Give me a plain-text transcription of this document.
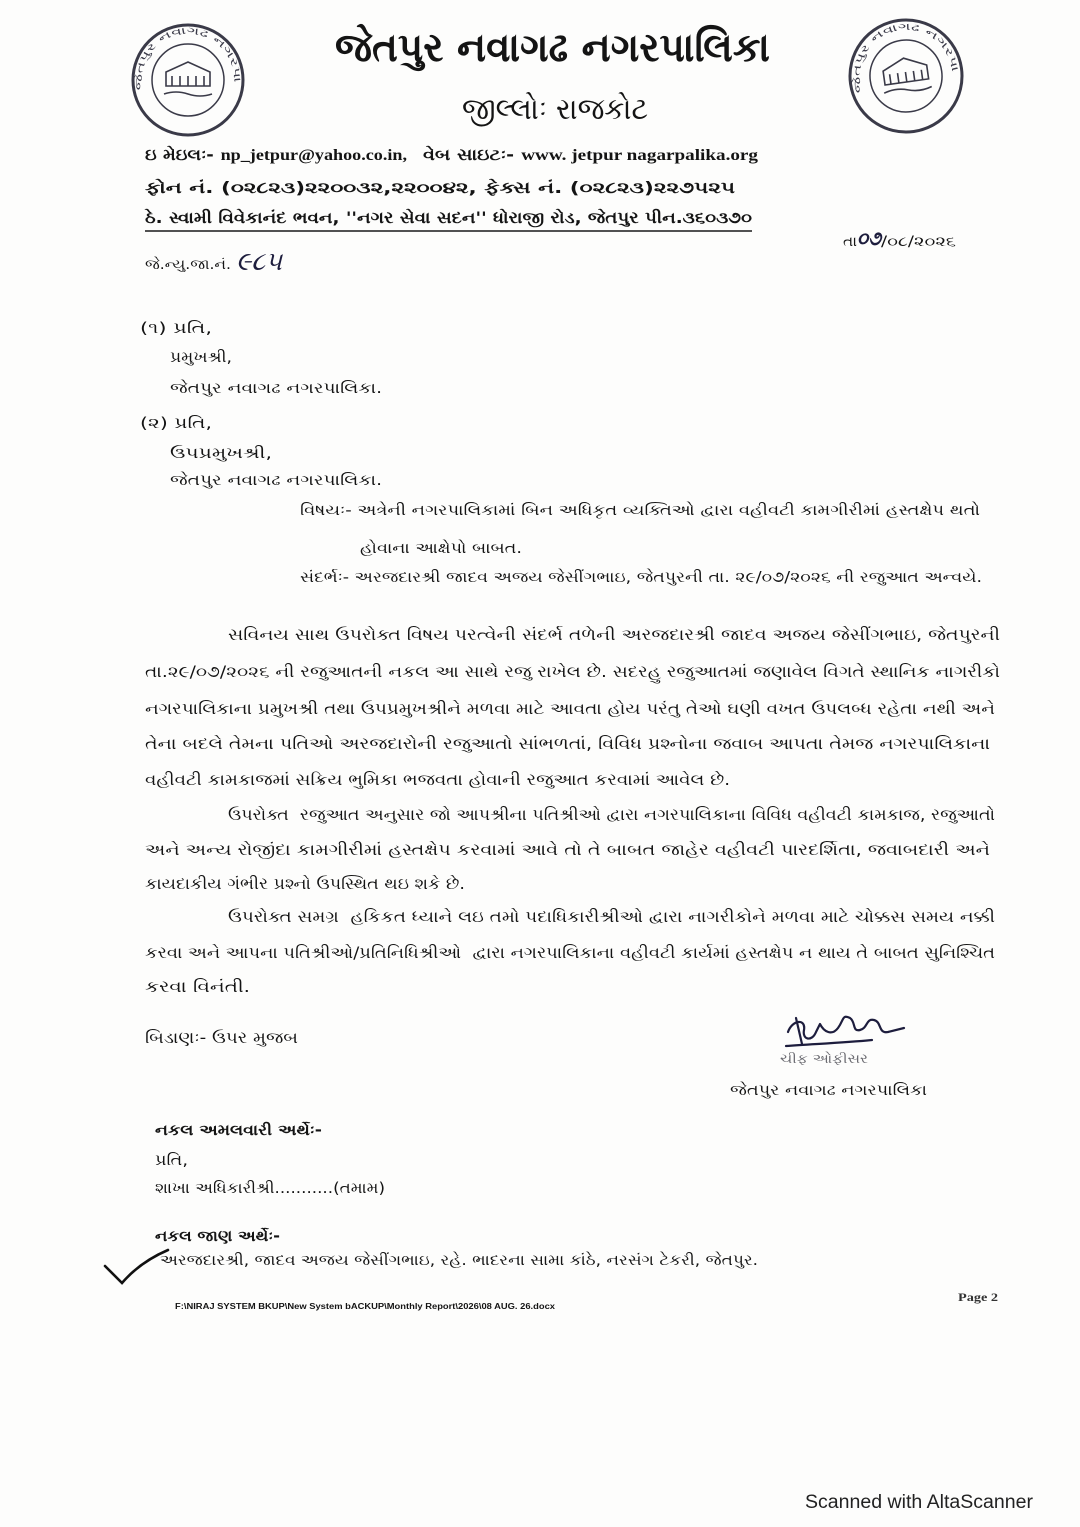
જેતપુર નવાગઢ નગરપા
જેતપુર નવાગઢ નગરપાલિકા
જેતપુર નવાગઢ નગરપાલિકા
જીલ્લોઃ રાજકોટ
ઇ મેઇલઃ- np_jetpur@yahoo.co.in, વેબ સાઇટઃ- www. jetpur nagarpalika.org
ફોન નં. (૦૨૮૨૩)૨૨૦૦૩૨,૨૨૦૦૪૨, ફેક્સ નં. (૦૨૮૨૩)૨૨૭૫૨૫
ઠે. સ્વામી વિવેકાનંદ ભવન, ''નગર સેવા સદન'' ધોરાજી રોડ, જેતપુર પીન.૩૬૦૩૭૦
જે.ન્યુ.જા.નં. ૯૮૫
તા ૦૭ /૦૮/૨૦૨૬
(૧) પ્રતિ,
પ્રમુખશ્રી,
જેતપુર નવાગઢ નગરપાલિકા.
(૨) પ્રતિ,
ઉપપ્રમુખશ્રી,
જેતપુર નવાગઢ નગરપાલિકા.
વિષયઃ- અત્રેની નગરપાલિકામાં બિન અધિકૃત વ્યક્તિઓ દ્વારા વહીવટી કામગીરીમાં હસ્તક્ષેપ થતો
હોવાના આક્ષેપો બાબત.
સંદર્ભઃ- અરજદારશ્રી જાદવ અજય જેસીંગભાઇ, જેતપુરની તા. ૨૯/૦૭/૨૦૨૬ ની રજુઆત અન્વયે.
સવિનય સાથ ઉપરોક્ત વિષય પરત્વેની સંદર્ભ તળેની અરજદારશ્રી જાદવ અજય જેસીંગભાઇ, જેતપુરની
તા.૨૯/૦૭/૨૦૨૬ ની રજુઆતની નકલ આ સાથે રજુ રાખેલ છે. સદરહુ રજુઆતમાં જણાવેલ વિગતે સ્થાનિક નાગરીકો
નગરપાલિકાના પ્રમુખશ્રી તથા ઉપપ્રમુખશ્રીને મળવા માટે આવતા હોય પરંતુ તેઓ ઘણી વખત ઉપલબ્ધ રહેતા નથી અને
તેના બદલે તેમના પતિઓ અરજદારોની રજુઆતો સાંભળતાં, વિવિધ પ્રશ્નોના જવાબ આપતા તેમજ નગરપાલિકાના
વહીવટી કામકાજમાં સક્રિય ભુમિકા ભજવતા હોવાની રજુઆત કરવામાં આવેલ છે.
ઉપરોક્ત  રજુઆત અનુસાર જો આપશ્રીના પતિશ્રીઓ દ્વારા નગરપાલિકાના વિવિધ વહીવટી કામકાજ, રજુઆતો
અને અન્ય રોજીંદા કામગીરીમાં હસ્તક્ષેપ કરવામાં આવે તો તે બાબત જાહેર વહીવટી પારદર્શિતા, જવાબદારી અને
કાયદાકીય ગંભીર પ્રશ્નો ઉપસ્થિત થઇ શકે છે.
ઉપરોક્ત સમગ્ર  હકિકત ધ્યાને લઇ તમો પદાધિકારીશ્રીઓ દ્વારા નાગરીકોને મળવા માટે ચોક્કસ સમય નક્કી
કરવા અને આપના પતિશ્રીઓ/પ્રતિનિધિશ્રીઓ  દ્વારા નગરપાલિકાના વહીવટી કાર્યમાં હસ્તક્ષેપ ન થાય તે બાબત સુનિશ્ચિત
કરવા વિનંતી.
બિડાણઃ- ઉપર મુજબ
ચીફ ઓફીસર
જેતપુર નવાગઢ નગરપાલિકા
નકલ અમલવારી અર્થેઃ-
પ્રતિ,
શાખા અધિકારીશ્રી...........(તમામ)
નકલ જાણ અર્થેઃ-
અરજદારશ્રી, જાદવ અજય જેસીંગભાઇ, રહે. ભાદરના સામા કાંઠે, નરસંગ ટેકરી, જેતપુર.
F:\NIRAJ SYSTEM BKUP\New System bACKUP\Monthly Report\2026\08 AUG. 26.docx
Page 2
Scanned with AltaScanner
